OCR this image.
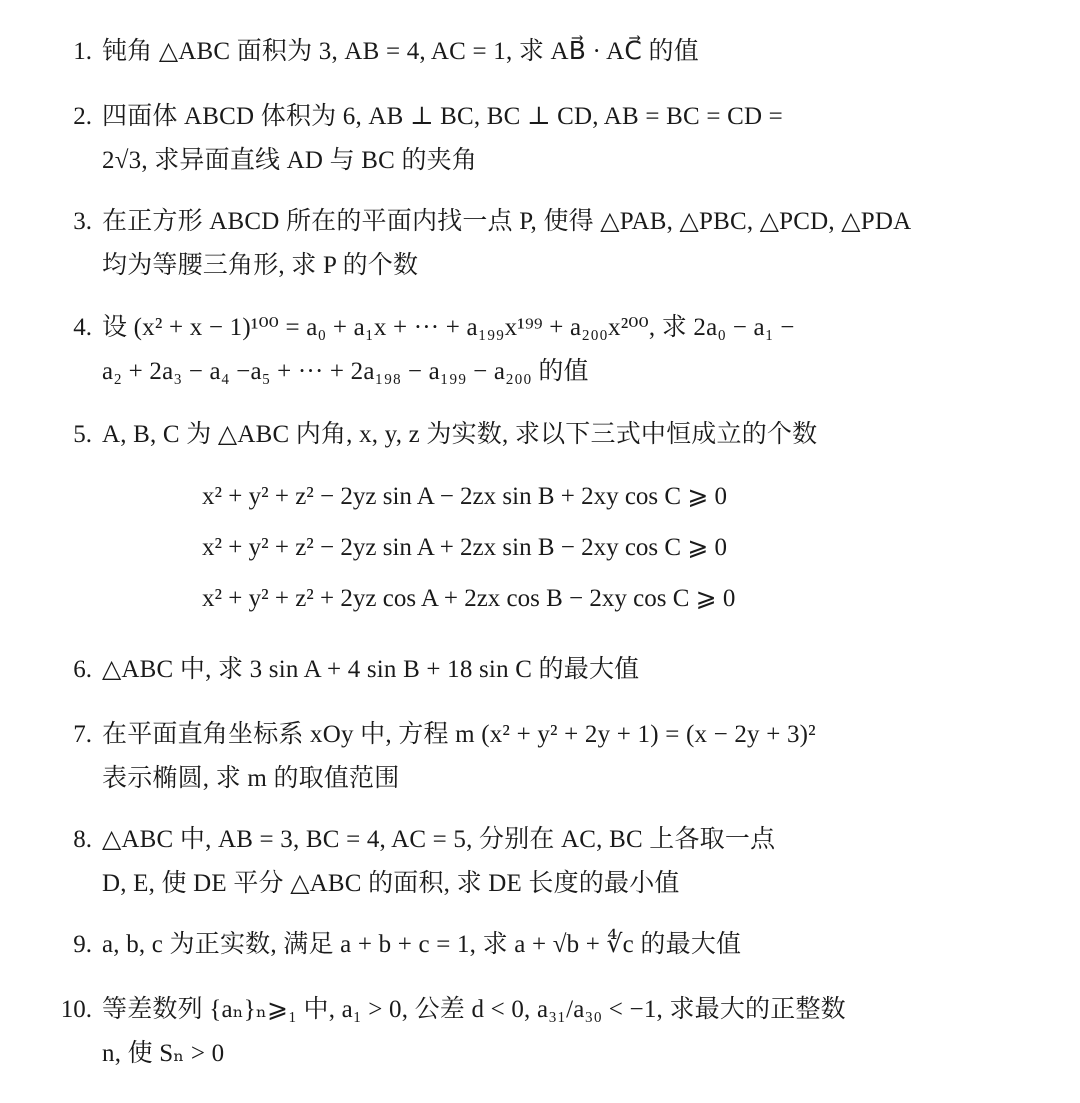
1. 钝角 △ABC 面积为 3, AB = 4, AC = 1, 求 AB⃗ · AC⃗ 的值
2. 四面体 ABCD 体积为 6, AB ⊥ BC, BC ⊥ CD, AB = BC = CD =
2√3, 求异面直线 AD 与 BC 的夹角
3. 在正方形 ABCD 所在的平面内找一点 P, 使得 △PAB, △PBC, △PCD, △PDA
均为等腰三角形, 求 P 的个数
4. 设 (x² + x − 1)¹⁰⁰ = a₀ + a₁x + ··· + a₁₉₉x¹⁹⁹ + a₂₀₀x²⁰⁰, 求 2a₀ − a₁ −
a₂ + 2a₃ − a₄ −a₅ + ··· + 2a₁₉₈ − a₁₉₉ − a₂₀₀ 的值
5. A, B, C 为 △ABC 内角, x, y, z 为实数, 求以下三式中恒成立的个数
x² + y² + z² − 2yz sin A − 2zx sin B + 2xy cos C ⩾ 0
x² + y² + z² − 2yz sin A + 2zx sin B − 2xy cos C ⩾ 0
x² + y² + z² + 2yz cos A + 2zx cos B − 2xy cos C ⩾ 0
6. △ABC 中, 求 3 sin A + 4 sin B + 18 sin C 的最大值
7. 在平面直角坐标系 xOy 中, 方程 m (x² + y² + 2y + 1) = (x − 2y + 3)²
表示椭圆, 求 m 的取值范围
8. △ABC 中, AB = 3, BC = 4, AC = 5, 分别在 AC, BC 上各取一点
D, E, 使 DE 平分 △ABC 的面积, 求 DE 长度的最小值
9. a, b, c 为正实数, 满足 a + b + c = 1, 求 a + √b + ∜c 的最大值
10. 等差数列 {aₙ}ₙ⩾₁ 中, a₁ > 0, 公差 d < 0, a₃₁/a₃₀ < −1, 求最大的正整数
n, 使 Sₙ > 0
